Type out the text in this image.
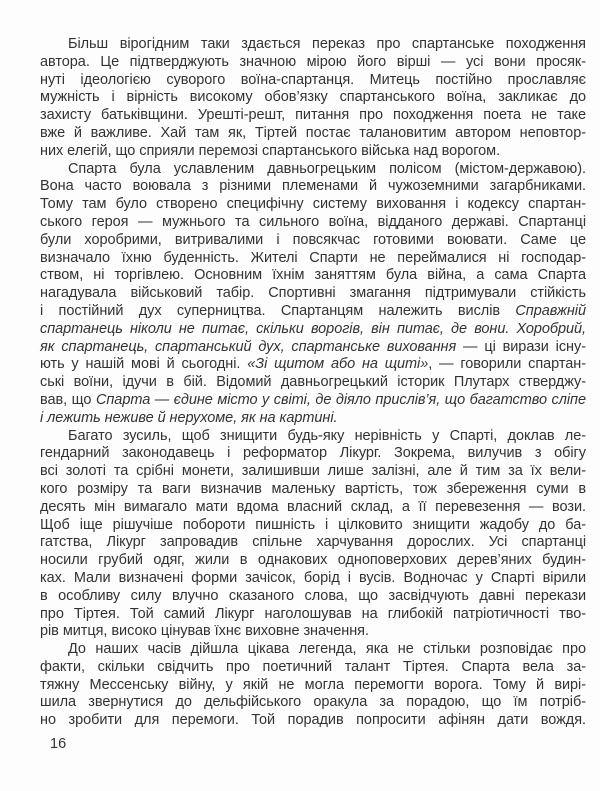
Більш вірогідним таки здається переказ про спартанське походження
автора. Це підтверджують значною мірою його вірші — усі вони просяк-
нуті ідеологією суворого воїна-спартанця. Митець постійно прославляє
мужність і вірність високому обов’язку спартанського воїна, закликає до
захисту батьківщини. Урешті-решт, питання про походження поета не таке
вже й важливе. Хай там як, Тіртей постає талановитим автором неповтор-
них елегій, що сприяли перемозі спартанського війська над ворогом.
Спарта була уславленим давньогрецьким полісом (містом-державою).
Вона часто воювала з різними племенами й чужоземними загарбниками.
Тому там було створено специфічну систему виховання і кодексу спартан-
ського героя — мужнього та сильного воїна, відданого державі. Спартанці
були хоробрими, витривалими і повсякчас готовими воювати. Саме це
визначало їхню буденність. Жителі Спарти не переймалися ні господар-
ством, ні торгівлею. Основним їхнім заняттям була війна, а сама Спарта
нагадувала військовий табір. Спортивні змагання підтримували стійкість
і постійний дух суперництва. Спартанцям належить вислів Справжній
спартанець ніколи не питає, скільки ворогів, він питає, де вони. Хоробрий,
як спартанець, спартанський дух, спартанське виховання — ці вирази існу-
ють у нашій мові й сьогодні. «Зі щитом або на щиті», — говорили спартан-
ські воїни, ідучи в бій. Відомий давньогрецький історик Плутарх стверджу-
вав, що Спарта — єдине місто у світі, де діяло прислів’я, що багатство сліпе
і лежить неживе й нерухоме, як на картині.
Багато зусиль, щоб знищити будь-яку нерівність у Спарті, доклав ле-
гендарний законодавець і реформатор Лікург. Зокрема, вилучив з обігу
всі золоті та срібні монети, залишивши лише залізні, але й тим за їх вели-
кого розміру та ваги визначив маленьку вартість, тож збереження суми в
десять мін вимагало мати вдома власний склад, а її перевезення — вози.
Щоб іще рішучіше побороти пишність і цілковито знищити жадобу до ба-
гатства, Лікург запровадив спільне харчування дорослих. Усі спартанці
носили грубий одяг, жили в однакових одноповерхових дерев’яних будин-
ках. Мали визначені форми зачісок, борід і вусів. Водночас у Спарті вірили
в особливу силу влучно сказаного слова, що засвідчують давні перекази
про Тіртея. Той самий Лікург наголошував на глибокій патріотичності тво-
рів митця, високо цінував їхнє виховне значення.
До наших часів дійшла цікава легенда, яка не стільки розповідає про
факти, скільки свідчить про поетичний талант Тіртея. Спарта вела за-
тяжну Мессенську війну, у якій не могла перемогти ворога. Тому й вирі-
шила звернутися до дельфійського оракула за порадою, що їм потріб-
но зробити для перемоги. Той порадив попросити афінян дати вождя.
16
